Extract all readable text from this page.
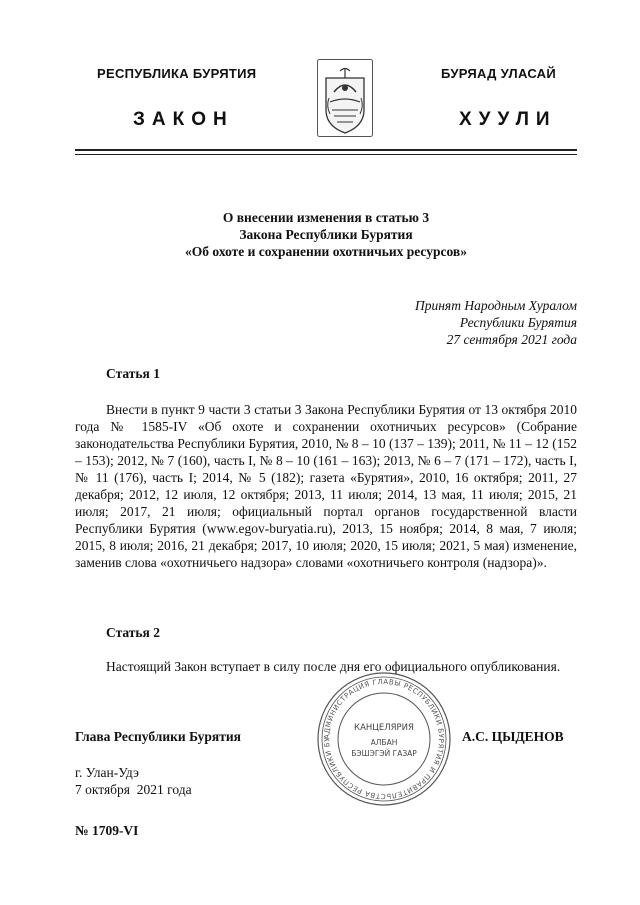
РЕСПУБЛИКА БУРЯТИЯ	БУРЯАД УЛАСАЙ
ЗАКОН	ХУУЛИ
О внесении изменения в статью 3
Закона Республики Бурятия
«Об охоте и сохранении охотничьих ресурсов»
Принят Народным Хуралом
Республики Бурятия
27 сентября 2021 года
Статья 1
Внести в пункт 9 части 3 статьи 3 Закона Республики Бурятия от 13 октября 2010 года № 1585-IV «Об охоте и сохранении охотничьих ресурсов» (Собрание законодательства Республики Бурятия, 2010, № 8 – 10 (137 – 139); 2011, № 11 – 12 (152 – 153); 2012, № 7 (160), часть I, № 8 – 10 (161 – 163); 2013, № 6 – 7 (171 – 172), часть I, № 11 (176), часть I; 2014, № 5 (182); газета «Бурятия», 2010, 16 октября; 2011, 27 декабря; 2012, 12 июля, 12 октября; 2013, 11 июля; 2014, 13 мая, 11 июля; 2015, 21 июля; 2017, 21 июля; официальный портал органов государственной власти Республики Бурятия (www.egov-buryatia.ru), 2013, 15 ноября; 2014, 8 мая, 7 июля; 2015, 8 июля; 2016, 21 декабря; 2017, 10 июля; 2020, 15 июля; 2021, 5 мая) изменение, заменив слова «охотничьего надзора» словами «охотничьего контроля (надзора)».
Статья 2
Настоящий Закон вступает в силу после дня его официального опубликования.
АДМИНИСТРАЦИЯ ГЛАВЫ РЕСПУБЛИКИ БУРЯТИЯ И ПРАВИТЕЛЬСТВА РЕСПУБЛИКИ БУ
КАНЦЕЛЯРИЯ
АЛБАН
БЭШЭГЭЙ ГАЗАР
Глава Республики Бурятия	А.С. ЦЫДЕНОВ
г. Улан-Удэ
7 октября  2021 года
№ 1709-VI
